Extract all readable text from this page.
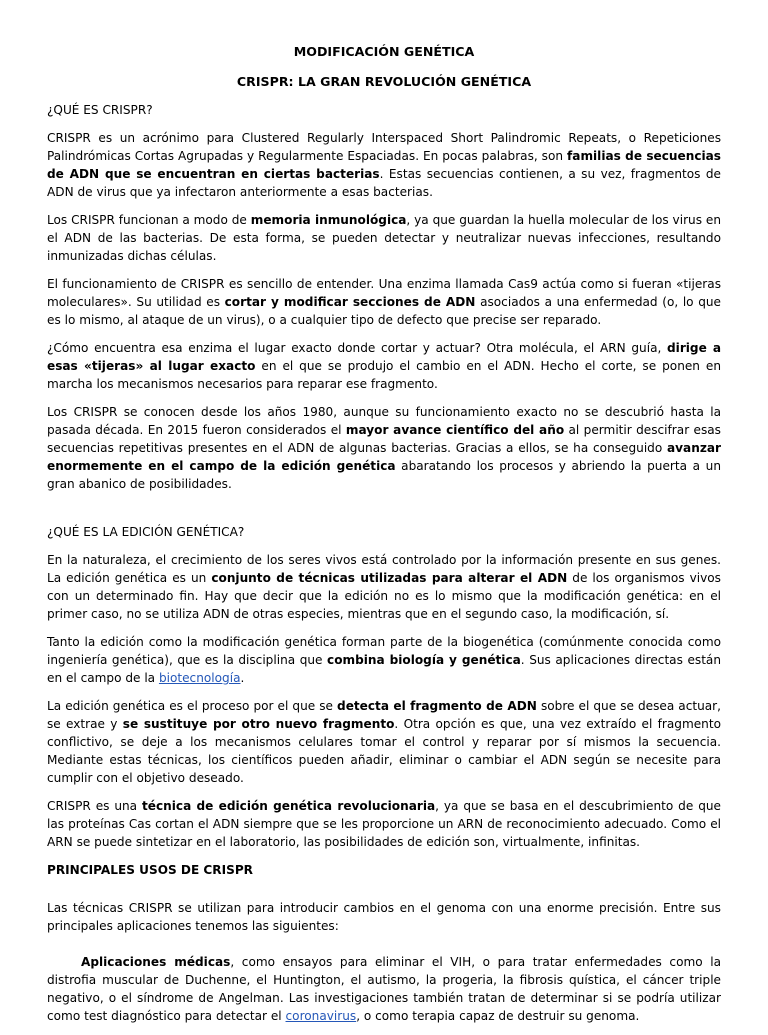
MODIFICACIÓN GENÉTICA
CRISPR: LA GRAN REVOLUCIÓN GENÉTICA
¿QUÉ ES CRISPR?

CRISPR es un acrónimo para Clustered Regularly Interspaced Short Palindromic Repeats, o Repeticiones Palindrómicas Cortas Agrupadas y Regularmente Espaciadas. En pocas palabras, son familias de secuencias de ADN que se encuentran en ciertas bacterias. Estas secuencias contienen, a su vez, fragmentos de ADN de virus que ya infectaron anteriormente a esas bacterias.

Los CRISPR funcionan a modo de memoria inmunológica, ya que guardan la huella molecular de los virus en el ADN de las bacterias. De esta forma, se pueden detectar y neutralizar nuevas infecciones, resultando inmunizadas dichas células.

El funcionamiento de CRISPR es sencillo de entender. Una enzima llamada Cas9 actúa como si fueran «tijeras moleculares». Su utilidad es cortar y modificar secciones de ADN asociados a una enfermedad (o, lo que es lo mismo, al ataque de un virus), o a cualquier tipo de defecto que precise ser reparado.

¿Cómo encuentra esa enzima el lugar exacto donde cortar y actuar? Otra molécula, el ARN guía, dirige a esas «tijeras» al lugar exacto en el que se produjo el cambio en el ADN. Hecho el corte, se ponen en marcha los mecanismos necesarios para reparar ese fragmento.

Los CRISPR se conocen desde los años 1980, aunque su funcionamiento exacto no se descubrió hasta la pasada década. En 2015 fueron considerados el mayor avance científico del año al permitir descifrar esas secuencias repetitivas presentes en el ADN de algunas bacterias. Gracias a ellos, se ha conseguido avanzar enormemente en el campo de la edición genética abaratando los procesos y abriendo la puerta a un gran abanico de posibilidades.

¿QUÉ ES LA EDICIÓN GENÉTICA?

En la naturaleza, el crecimiento de los seres vivos está controlado por la información presente en sus genes. La edición genética es un conjunto de técnicas utilizadas para alterar el ADN de los organismos vivos con un determinado fin. Hay que decir que la edición no es lo mismo que la modificación genética: en el primer caso, no se utiliza ADN de otras especies, mientras que en el segundo caso, la modificación, sí.

Tanto la edición como la modificación genética forman parte de la biogenética (comúnmente conocida como ingeniería genética), que es la disciplina que combina biología y genética. Sus aplicaciones directas están en el campo de la biotecnología.

La edición genética es el proceso por el que se detecta el fragmento de ADN sobre el que se desea actuar, se extrae y se sustituye por otro nuevo fragmento. Otra opción es que, una vez extraído el fragmento conflictivo, se deje a los mecanismos celulares tomar el control y reparar por sí mismos la secuencia. Mediante estas técnicas, los científicos pueden añadir, eliminar o cambiar el ADN según se necesite para cumplir con el objetivo deseado.

CRISPR es una técnica de edición genética revolucionaria, ya que se basa en el descubrimiento de que las proteínas Cas cortan el ADN siempre que se les proporcione un ARN de reconocimiento adecuado. Como el ARN se puede sintetizar en el laboratorio, las posibilidades de edición son, virtualmente, infinitas.

PRINCIPALES USOS DE CRISPR

Las técnicas CRISPR se utilizan para introducir cambios en el genoma con una enorme precisión. Entre sus principales aplicaciones tenemos las siguientes:

Aplicaciones médicas, como ensayos para eliminar el VIH, o para tratar enfermedades como la distrofia muscular de Duchenne, el Huntington, el autismo, la progeria, la fibrosis quística, el cáncer triple negativo, o el síndrome de Angelman. Las investigaciones también tratan de determinar si se podría utilizar como test diagnóstico para detectar el coronavirus, o como terapia capaz de destruir su genoma.
